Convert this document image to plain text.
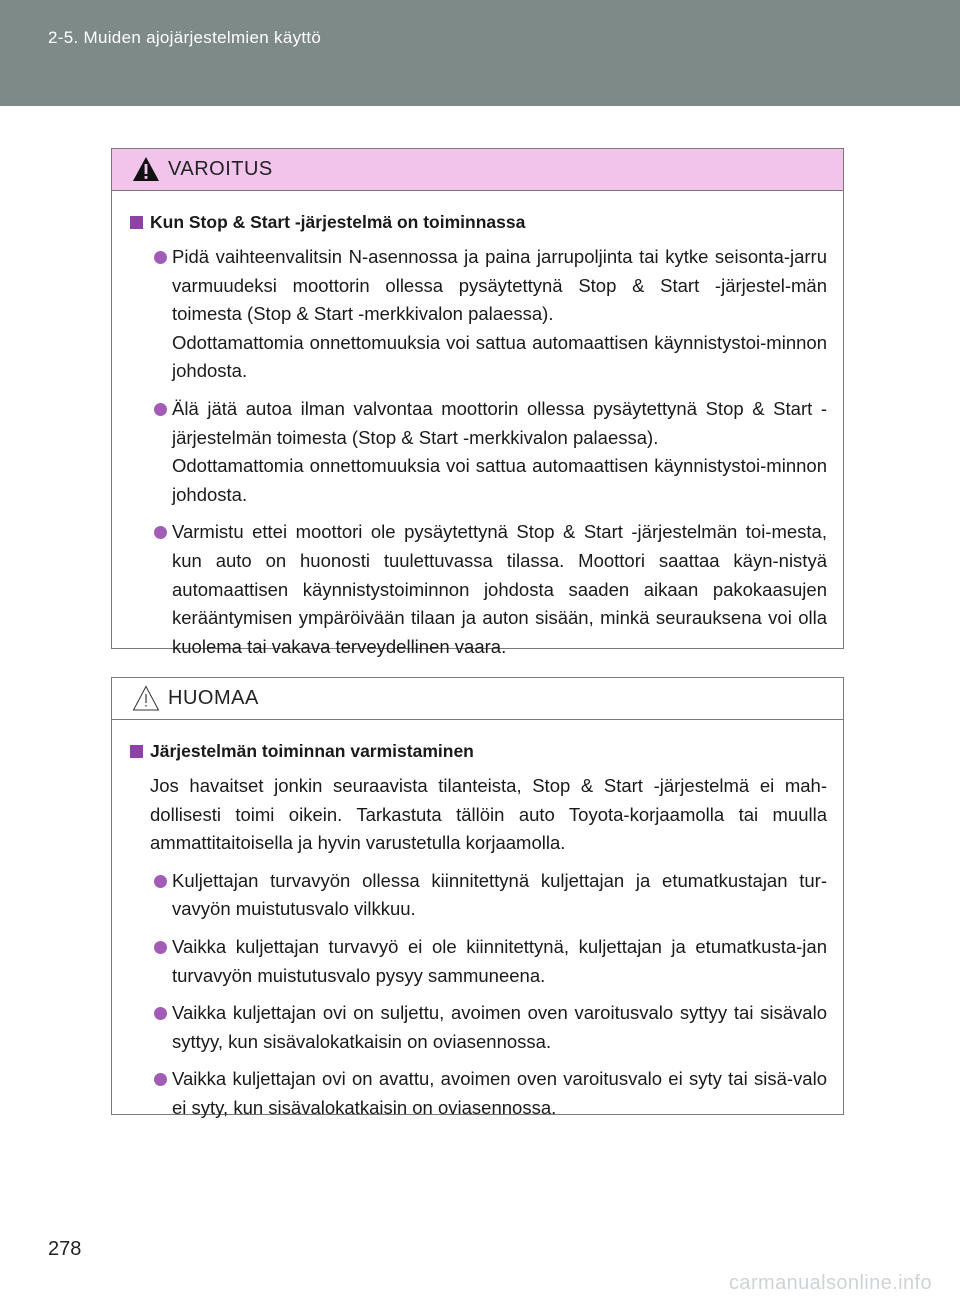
2-5. Muiden ajojärjestelmien käyttö
VAROITUS
Kun Stop & Start -järjestelmä on toiminnassa
Pidä vaihteenvalitsin N-asennossa ja paina jarrupoljinta tai kytke seisonta-jarru varmuudeksi moottorin ollessa pysäytettynä Stop & Start -järjestel-män toimesta (Stop & Start -merkkivalon palaessa).
Odottamattomia onnettomuuksia voi sattua automaattisen käynnistystoi-minnon johdosta.
Älä jätä autoa ilman valvontaa moottorin ollessa pysäytettynä Stop & Start -järjestelmän toimesta (Stop & Start -merkkivalon palaessa).
Odottamattomia onnettomuuksia voi sattua automaattisen käynnistystoi-minnon johdosta.
Varmistu ettei moottori ole pysäytettynä Stop & Start -järjestelmän toi-mesta, kun auto on huonosti tuulettuvassa tilassa. Moottori saattaa käyn-nistyä automaattisen käynnistystoiminnon johdosta saaden aikaan pakokaasujen kerääntymisen ympäröivään tilaan ja auton sisään, minkä seurauksena voi olla kuolema tai vakava terveydellinen vaara.
HUOMAA
Järjestelmän toiminnan varmistaminen
Jos havaitset jonkin seuraavista tilanteista, Stop & Start -järjestelmä ei mah-dollisesti toimi oikein. Tarkastuta tällöin auto Toyota-korjaamolla tai muulla ammattitaitoisella ja hyvin varustetulla korjaamolla.
Kuljettajan turvavyön ollessa kiinnitettynä kuljettajan ja etumatkustajan tur-vavyön muistutusvalo vilkkuu.
Vaikka kuljettajan turvavyö ei ole kiinnitettynä, kuljettajan ja etumatkusta-jan turvavyön muistutusvalo pysyy sammuneena.
Vaikka kuljettajan ovi on suljettu, avoimen oven varoitusvalo syttyy tai sisävalo syttyy, kun sisävalokatkaisin on oviasennossa.
Vaikka kuljettajan ovi on avattu, avoimen oven varoitusvalo ei syty tai sisä-valo ei syty, kun sisävalokatkaisin on oviasennossa.
278
carmanualsonline.info
